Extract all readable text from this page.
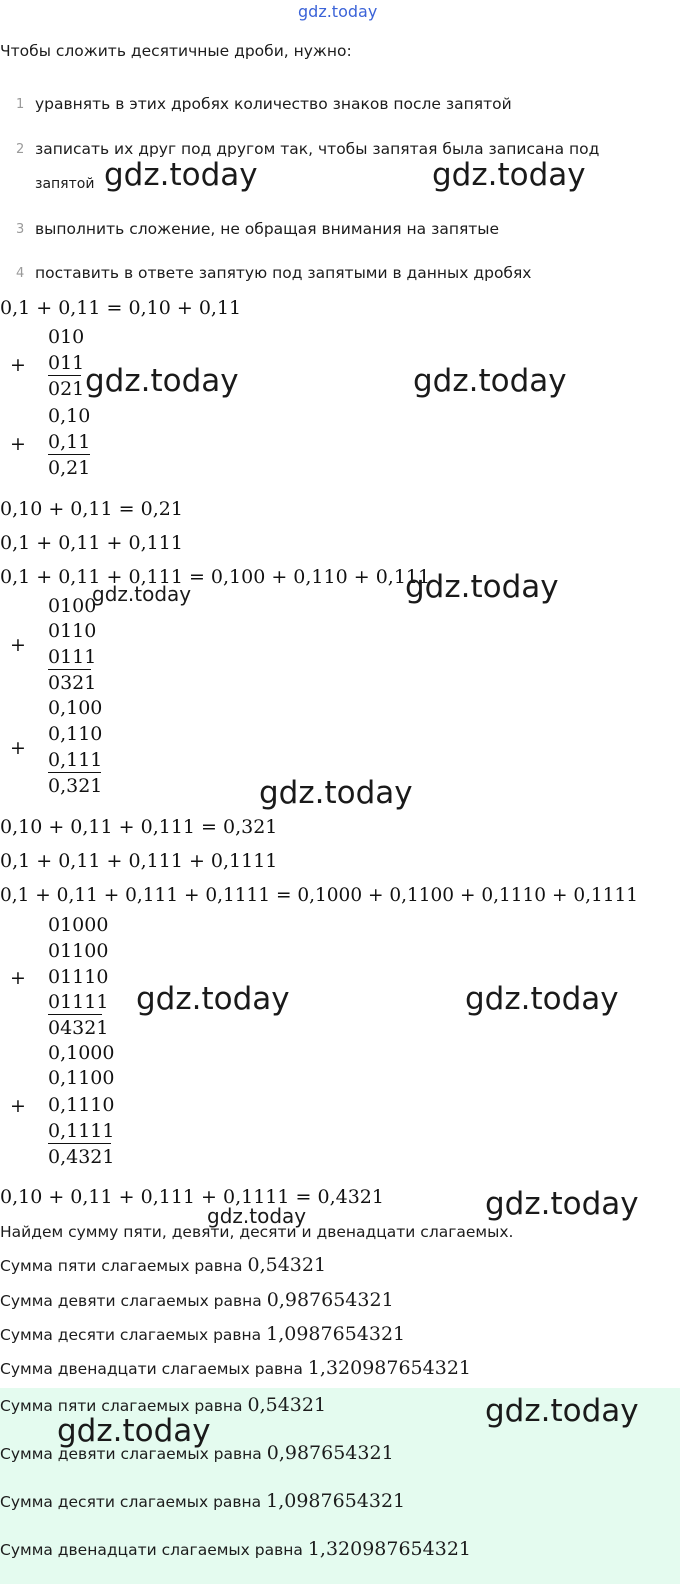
gdz.today
Чтобы сложить десятичные дроби, нужно:
1 уравнять в этих дробях количество знаков после запятой
2 записать их друг под другом так, чтобы запятая была записана под
запятой
3 выполнить сложение, не обращая внимания на запятые
4 поставить в ответе запятую под запятыми в данных дробях
0,1 + 0,11 = 0,10 + 0,11
010
+ 011
021
0,10
+ 0,11
0,21
0,10 + 0,11 = 0,21
0,1 + 0,11 + 0,111
0,1 + 0,11 + 0,111 = 0,100 + 0,110 + 0,111
0100
0110
+
0111
0321
0,100
0,110
+
0,111
0,321
0,10 + 0,11 + 0,111 = 0,321
0,1 + 0,11 + 0,111 + 0,1111
0,1 + 0,11 + 0,111 + 0,1111 = 0,1000 + 0,1100 + 0,1110 + 0,1111
01000
01100
+ 01110
01111
04321
0,1000
0,1100
+ 0,1110
0,1111
0,4321
0,10 + 0,11 + 0,111 + 0,1111 = 0,4321
Найдем сумму пяти, девяти, десяти и двенадцати слагаемых.
Сумма пяти слагаемых равна 0,54321
Сумма девяти слагаемых равна 0,987654321
Сумма десяти слагаемых равна 1,0987654321
Сумма двенадцати слагаемых равна 1,320987654321
Сумма пяти слагаемых равна 0,54321
Сумма девяти слагаемых равна 0,987654321
Сумма десяти слагаемых равна 1,0987654321
Сумма двенадцати слагаемых равна 1,320987654321
gdz.today	gdz.today
gdz.today	gdz.today
gdz.today	gdz.today
gdz.today
gdz.today	gdz.today
gdz.today	gdz.today
gdz.today
gdz.today
